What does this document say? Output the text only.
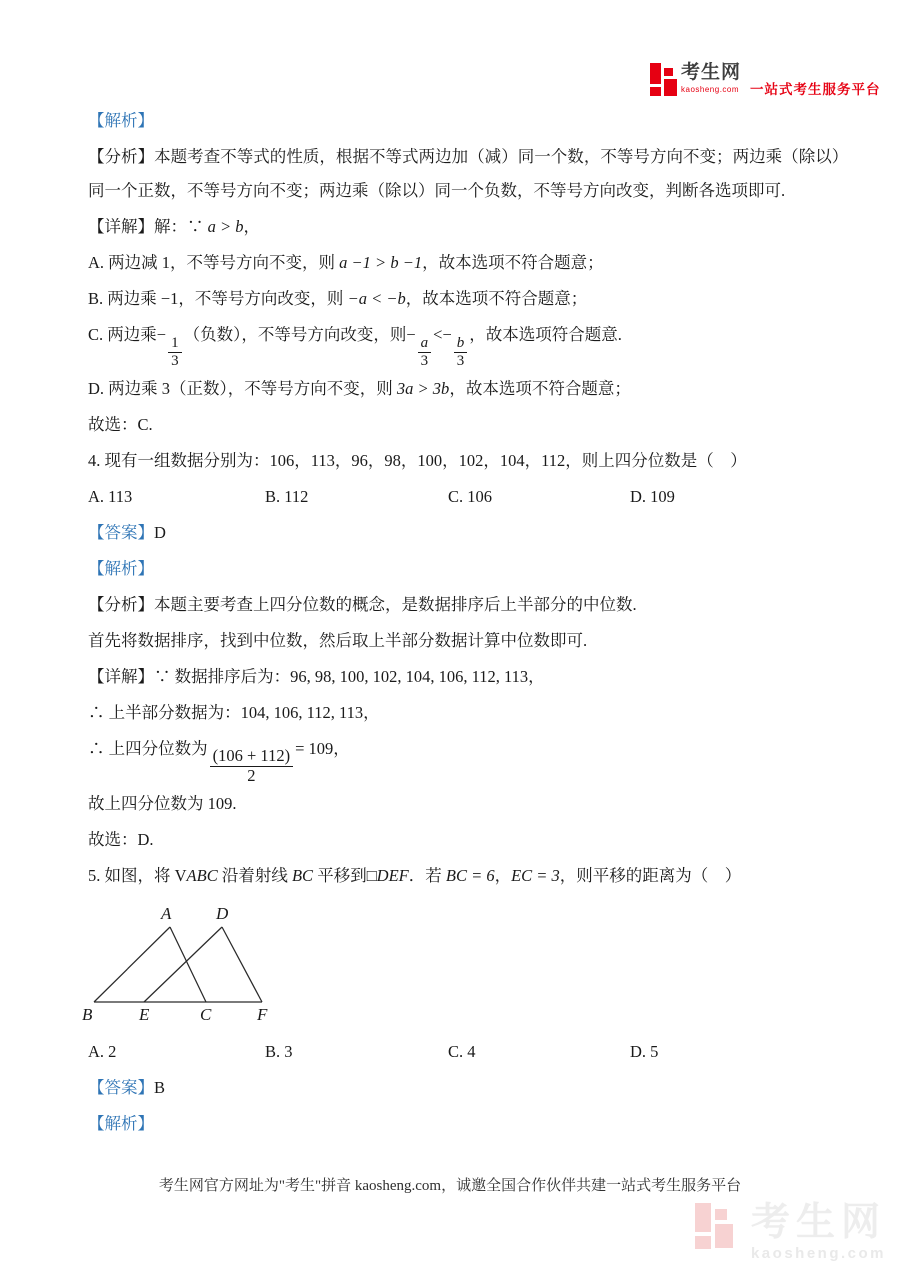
考生网
kaosheng.com 一站式考生服务平台

【解析】

【分析】本题考查不等式的性质，根据不等式两边加（减）同一个数，不等号方向不变；两边乘（除以）同一个正数，不等号方向不变；两边乘（除以）同一个负数，不等号方向改变，判断各选项即可.

【详解】解：∵ a > b，

A. 两边减 1，不等号方向不变，则 a −1 > b −1，故本选项不符合题意；

B. 两边乘 −1，不等号方向改变，则 −a < −b，故本选项不符合题意；

C. 两边乘−
$\frac{1}{3}$
（负数），不等号方向改变，则−
$\frac{a}{3}$
<−
$\frac{b}{3}$
，故本选项符合题意.

D. 两边乘 3（正数），不等号方向不变，则 3a > 3b，故本选项不符合题意；

故选：C.

4. 现有一组数据分别为：106，113，96，98，100，102，104，112，则上四分位数是（　）

A. 113	B. 112	C. 106	D. 109

【答案】D

【解析】

【分析】本题主要考查上四分位数的概念，是数据排序后上半部分的中位数.

首先将数据排序，找到中位数，然后取上半部分数据计算中位数即可.

【详解】∵ 数据排序后为：96, 98, 100, 102, 104, 106, 112, 113，

∴ 上半部分数据为：104, 106, 112, 113，

∴ 上四分位数为 $\frac{(106 + 112)}{2} = 109$，

故上四分位数为 109.

故选：D.

5. 如图，将 VABC 沿着射线 BC 平移到□DEF．若 BC = 6，EC = 3，则平移的距离为（　）

A	D
B	E	C	F
A. 2	B. 3	C. 4	D. 5

【答案】B

【解析】

考生网官方网址为"考生"拼音 kaosheng.com，诚邀全国合作伙伴共建一站式考生服务平台
考生网
kaosheng.com
